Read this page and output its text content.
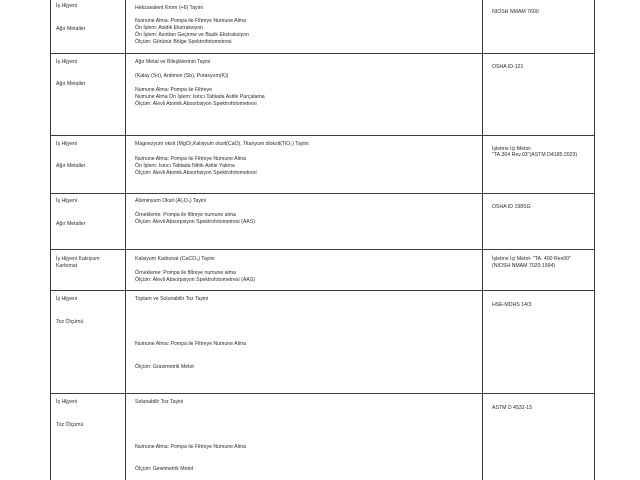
İş Hijyeni
Ağır Metaller
Hekzavalent Krom (+6) Tayini
Numune Alma: Pompa ile Filtreye Numune Alma
Ön İşlem: Asidik Ekstraksiyon
Ön İşlem: Azottan Geçirme ve Bazik Ekstraksiyon
Ölçüm: Görünür Bölge Spektrofotometresi
NIOSH NMAM 7600
İş Hijyeni
Ağır Metaller
Ağır Metal ve Bileşiklerinin Tayini
(Kalay (Sn), Antimon (Sb), Potasyum(K))
Numune Alma: Pompa ile Filtreye
Numune Alma Ön İşlem: Isıtıcı Tablada Asitle Parçalama
Ölçüm: Alevli Atomik Absorbsiyon Spektrofotometresi
OSHA ID-121
İş Hijyeni
Ağır Metaller
Magnezyum oksit (MgO),Kalsiyum oksit(CaO), Titanyum dioksit(TiO₂) Tayini
Numune Alma: Pompa ile Filtreye Numune Alma
Ön İşlem: Isıtıcı Tablada Nitrik Asitle Yakma
Ölçüm: Alevli Atomik Absorbsiyon Spektrofotometresi
İşletme İçi Metot-
"TA.304 Rev.03"(ASTM D4185:2023)
İş Hijyeni
Ağır Metaller
Alüminyum Oksit (Al₂O₃) Tayini
Örnekleme: Pompa ile filtreye numune alma
Ölçüm: Alevli Absorpsiyon Spektrofotometresi (AAS)
OSHA ID 198SG
İş Hijyeni Kalsiyum
Karbonat
Kalsiyum Karbonat (CaCO₃) Tayini
Örnekleme: Pompa ile filtreye numune alma
Ölçüm: Alevli Absorpsiyon Spektrofotometresi (AAS)
İşletme İçi Metot- "TA. 400 Rev00"
(NIOSH NMAM 7020:1994)
İş Hijyeni
Toz Ölçümü
Toplam ve Solunabilir Toz Tayini
Numune Alma: Pompa ile Filtreye Numune Alma
Ölçüm: Gravimetrik Metot
HSE-MDHS 14/3
İş Hijyeni
Toz Ölçümü
Solunabilir Toz Tayini
Numune Alma: Pompa ile Filtreye Numune Alma
Ölçüm: Gewimetrik Metot
ASTM D 4532-15
